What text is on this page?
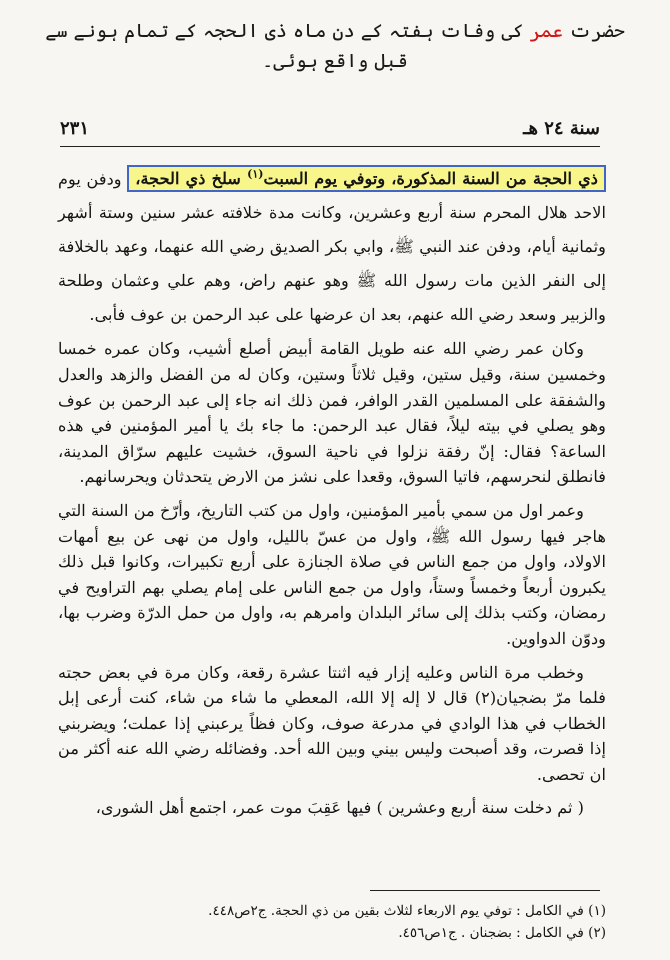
حضرت عمر کی وفات ہفتہ کے دن ماہ ذی الحجہ کے تمام ہونے سے قبل واقع ہوئی۔
سنة ٢٤ هـ
٢٣١

ذي الحجة من السنة المذكورة، وتوفي يوم السبت$^{(١)}$ سلخ ذي الحجة، ودفن يوم الاحد هلال المحرم سنة أربع وعشرين، وكانت مدة خلافته عشر سنين وستة أشهر وثمانية أيام، ودفن عند النبي ﷺ، وابي بكر الصديق رضي الله عنهما، وعهد بالخلافة إلى النفر الذين مات رسول الله ﷺ وهو عنهم راض، وهم علي وعثمان وطلحة والزبير وسعد رضي الله عنهم، بعد ان عرضها على عبد الرحمن بن عوف فأبى.

وكان عمر رضي الله عنه طويل القامة أبيض أصلع أشيب، وكان عمره خمسا وخمسين سنة، وقيل ستين، وقيل ثلاثاً وستين، وكان له من الفضل والزهد والعدل والشفقة على المسلمين القدر الوافر، فمن ذلك انه جاء إلى عبد الرحمن بن عوف وهو يصلي في بيته ليلاً، فقال عبد الرحمن: ما جاء بك يا أمير المؤمنين في هذه الساعة؟ فقال: إنّ رفقة نزلوا في ناحية السوق، خشيت عليهم سرّاق المدينة، فانطلق لنحرسهم، فاتيا السوق، وقعدا على نشز من الارض يتحدثان ويحرسانهم.

وعمر اول من سمي بأمير المؤمنين، واول من كتب التاريخ، وأرّخ من السنة التي هاجر فيها رسول الله ﷺ، واول من عسّ بالليل، واول من نهى عن بيع أمهات الاولاد، واول من جمع الناس في صلاة الجنازة على أربع تكبيرات، وكانوا قبل ذلك يكبرون أربعاً وخمساً وستاً، واول من جمع الناس على إمام يصلي بهم التراويح في رمضان، وكتب بذلك إلى سائر البلدان وامرهم به، واول من حمل الدرّة وضرب بها، ودوّن الدواوين.

وخطب مرة الناس وعليه إزار فيه اثنتا عشرة رقعة، وكان مرة في بعض حجته فلما مرّ بضجيان(٢) قال لا إله إلا الله، المعطي ما شاء من شاء، كنت أرعى إبل الخطاب في هذا الوادي في مدرعة صوف، وكان فظاً يرعبني إذا عملت؛ ويضربني إذا قصرت، وقد أصبحت وليس بيني وبين الله أحد. وفضائله رضي الله عنه أكثر من ان تحصى.

( ثم دخلت سنة أربع وعشرين ) فيها عَقِبَ موت عمر، اجتمع أهل الشورى،

(١) في الكامل : توفي يوم الاربعاء لثلاث بقين من ذي الحجة. ج٢ص٤٤٨.

(٢) في الكامل : بضجنان . ج١ص٤٥٦.
